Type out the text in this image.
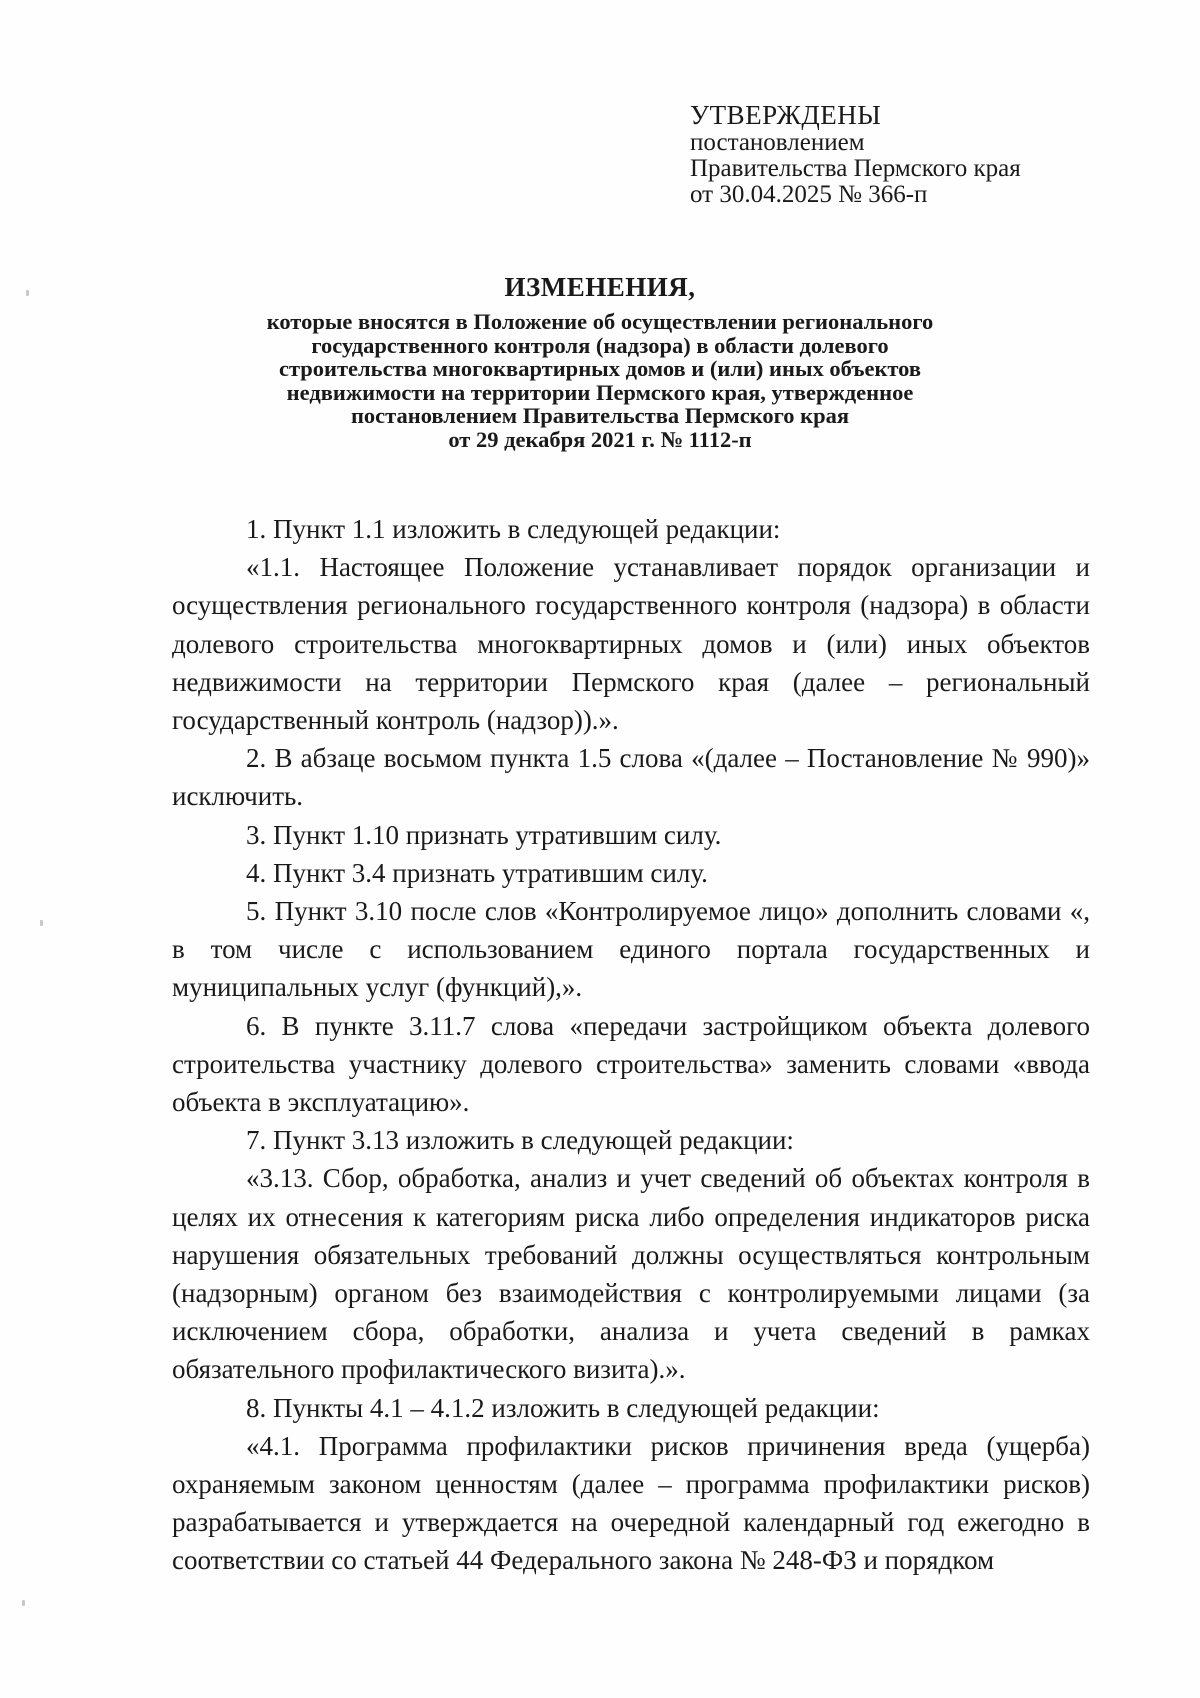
УТВЕРЖДЕНЫ
постановлением
Правительства Пермского края
от 30.04.2025 № 366-п
ИЗМЕНЕНИЯ,
которые вносятся в Положение об осуществлении регионального
государственного контроля (надзора) в области долевого
строительства многоквартирных домов и (или) иных объектов
недвижимости на территории Пермского края, утвержденное
постановлением Правительства Пермского края
от 29 декабря 2021 г. № 1112-п

1. Пункт 1.1 изложить в следующей редакции:

«1.1. Настоящее Положение устанавливает порядок организации и осуществления регионального государственного контроля (надзора) в области долевого строительства многоквартирных домов и (или) иных объектов недвижимости на территории Пермского края (далее – региональный государственный контроль (надзор)).».

2. В абзаце восьмом пункта 1.5 слова «(далее – Постановление № 990)» исключить.

3. Пункт 1.10 признать утратившим силу.

4. Пункт 3.4 признать утратившим силу.

5. Пункт 3.10 после слов «Контролируемое лицо» дополнить словами «, в том числе с использованием единого портала государственных и муниципальных услуг (функций),».

6. В пункте 3.11.7 слова «передачи застройщиком объекта долевого строительства участнику долевого строительства» заменить словами «ввода объекта в эксплуатацию».

7. Пункт 3.13 изложить в следующей редакции:

«3.13. Сбор, обработка, анализ и учет сведений об объектах контроля в целях их отнесения к категориям риска либо определения индикаторов риска нарушения обязательных требований должны осуществляться контрольным (надзорным) органом без взаимодействия с контролируемыми лицами (за исключением сбора, обработки, анализа и учета сведений в рамках обязательного профилактического визита).».

8. Пункты 4.1 – 4.1.2 изложить в следующей редакции:

«4.1. Программа профилактики рисков причинения вреда (ущерба) охраняемым законом ценностям (далее – программа профилактики рисков) разрабатывается и утверждается на очередной календарный год ежегодно в соответствии со статьей 44 Федерального закона № 248-ФЗ и порядком
